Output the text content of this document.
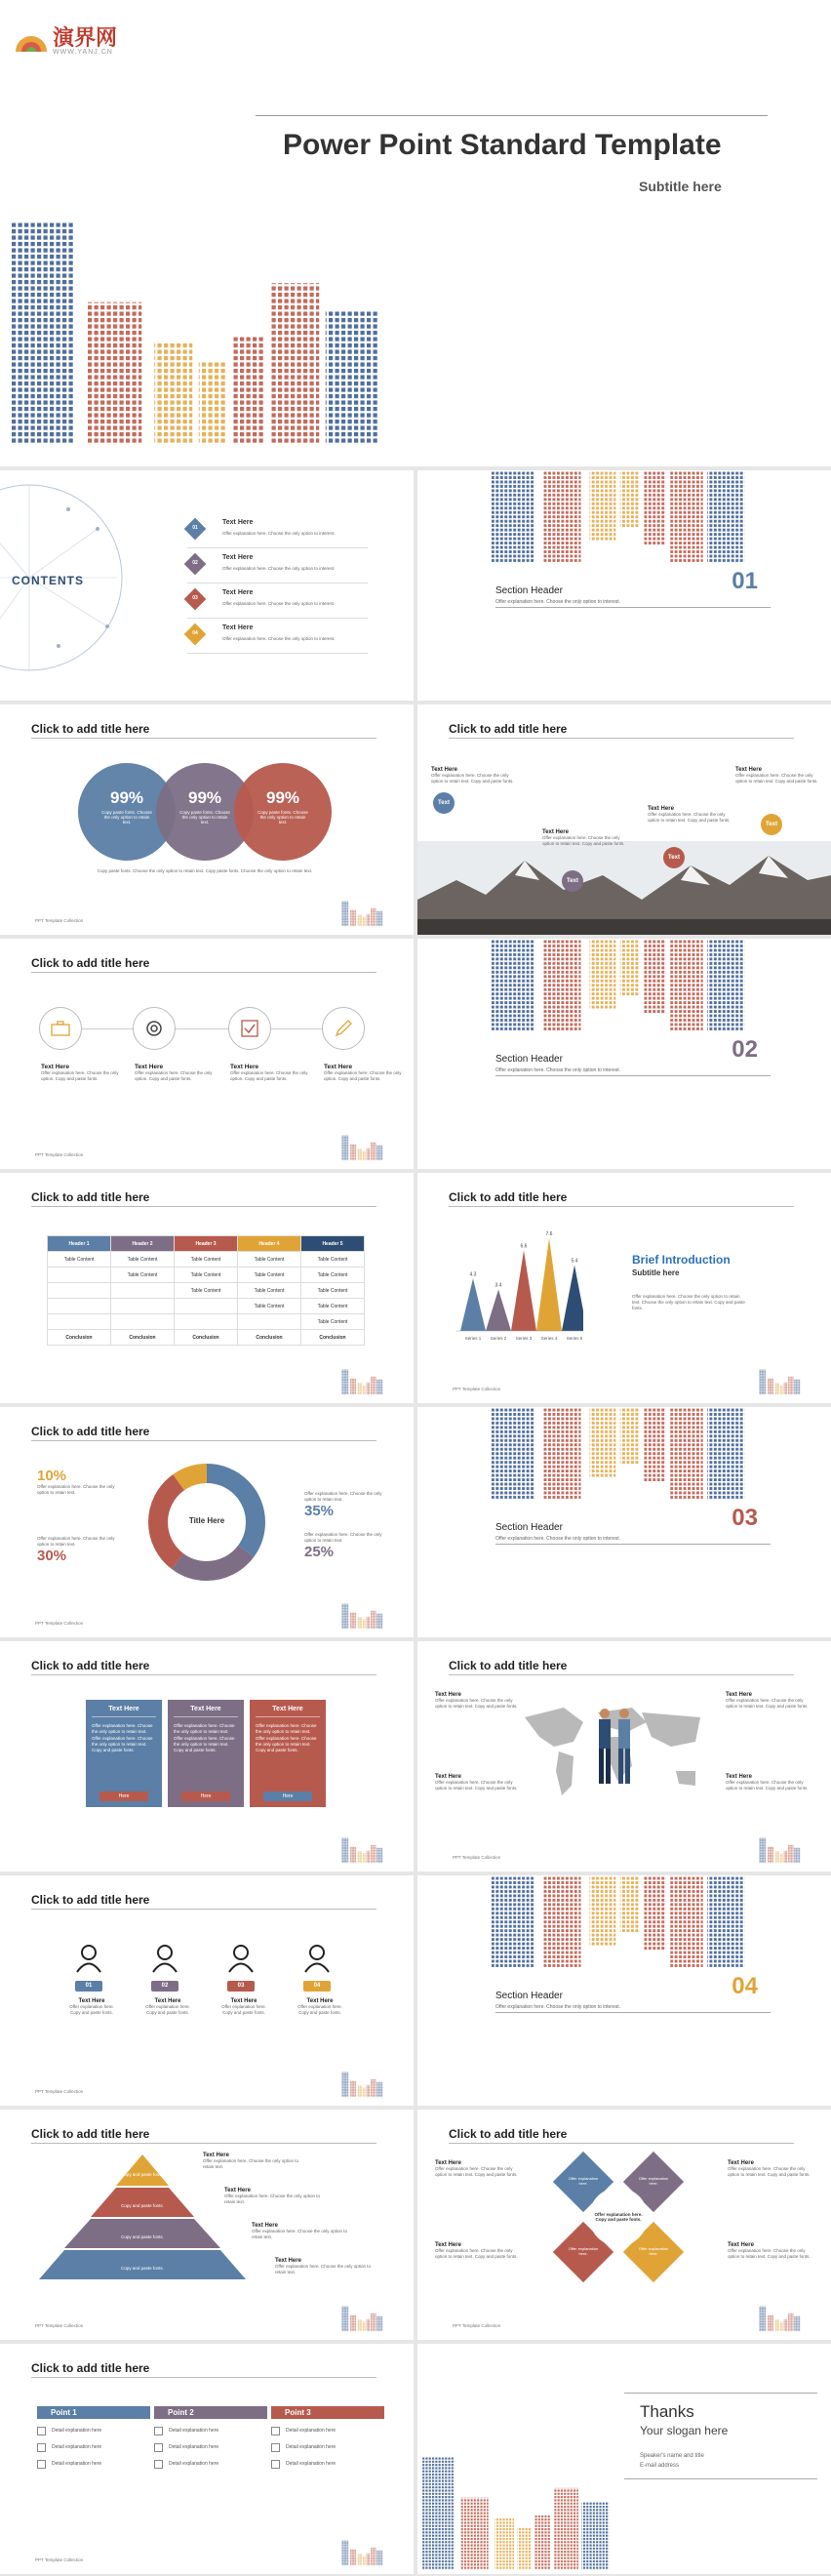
演界网
WWW.YANJ.CN
Power Point Standard Template
Subtitle here
CONTENTS
01
Text Here
Offer explanation here. Choose the only option to interest.
02
Text Here
Offer explanation here. Choose the only option to interest.
03
Text Here
Offer explanation here. Choose the only option to interest.
04
Text Here
Offer explanation here. Choose the only option to interest.
Section Header
Offer explanation here. Choose the only option to interest.
01
Click to add title here
99%
Copy paste fonts. Choose the only option to retain text.
99%
Copy paste fonts. Choose the only option to retain text.
99%
Copy paste fonts. Choose the only option to retain text.
Copy paste fonts. Choose the only option to retain text. Copy paste fonts. Choose the only option to retain text.
PPT Template Collection
Click to add title here
Text
Text
Text
Text
Text Here
Offer explanation here. Choose the only option to retain text. Copy and paste fonts.
Text Here
Offer explanation here. Choose the only option to retain text. Copy and paste fonts.
Text Here
Offer explanation here. Choose the only option to retain text. Copy and paste fonts.
Text Here
Offer explanation here. Choose the only option to retain text. Copy and paste fonts.
Click to add title here
Text Here
Offer explanation here. Choose the only option. Copy and paste fonts.
Text Here
Offer explanation here. Choose the only option. Copy and paste fonts.
Text Here
Offer explanation here. Choose the only option. Copy and paste fonts.
Text Here
Offer explanation here. Choose the only option. Copy and paste fonts.
PPT Template Collection
Section Header
Offer explanation here. Choose the only option to interest.
02
Click to add title here
Header 1	Header 2	Header 3	Header 4	Header 5
Table Content	Table Content	Table Content	Table Content	Table Content
	Table Content	Table Content	Table Content	Table Content
		Table Content	Table Content	Table Content
			Table Content	Table Content
				Table Content
Conclusion	Conclusion	Conclusion	Conclusion	Conclusion
Click to add title here
4.3
Series 1
3.4
Series 2
6.6
Series 3
7.6
Series 4
5.4
Series 5
Brief Introduction
Subtitle here
Offer explanation here. Choose the only option to retain text. Choose the only option to retain text. Copy and paste fonts.
PPT Template Collection
Click to add title here
Title Here
10%
Offer explanation here. Choose the only option to retain text.
Offer explanation here. Choose the only option to retain text.
30%
Offer explanation here. Choose the only option to retain text.
35%
Offer explanation here. Choose the only option to retain text.
25%
PPT Template Collection
Section Header
Offer explanation here. Choose the only option to interest.
03
Click to add title here
Text Here
Offer explanation here. Choose the only option to retain text. Offer explanation here. Choose the only option to retain text. Copy and paste fonts.
Here
Text Here
Offer explanation here. Choose the only option to retain text. Offer explanation here. Choose the only option to retain text. Copy and paste fonts.
Here
Text Here
Offer explanation here. Choose the only option to retain text. Offer explanation here. Choose the only option to retain text. Copy and paste fonts.
Here
Click to add title here
Text Here
Offer explanation here. Choose the only option to retain text. Copy and paste fonts.
Text Here
Offer explanation here. Choose the only option to retain text. Copy and paste fonts.
Text Here
Offer explanation here. Choose the only option to retain text. Copy and paste fonts.
Text Here
Offer explanation here. Choose the only option to retain text. Copy and paste fonts.
PPT Template Collection
Click to add title here
01	02	03	04
Text Here
Offer explanation here. Copy and paste fonts.
Text Here
Offer explanation here. Copy and paste fonts.
Text Here
Offer explanation here. Copy and paste fonts.
Text Here
Offer explanation here. Copy and paste fonts.
PPT Template Collection
Section Header
Offer explanation here. Choose the only option to interest.
04
Click to add title here
Copy and paste fonts.
Copy and paste fonts.
Copy and paste fonts.
Copy and paste fonts.
Text Here
Offer explanation here. Choose the only option to retain text.
Text Here
Offer explanation here. Choose the only option to retain text.
Text Here
Offer explanation here. Choose the only option to retain text.
Text Here
Offer explanation here. Choose the only option to retain text.
PPT Template Collection
Click to add title here
Offer explanation here. Copy and paste fonts.
Offer explanation here.
Offer explanation here.
Offer explanation here.
Offer explanation here.
Text Here
Offer explanation here. Choose the only option to retain text. Copy and paste fonts.
Text Here
Offer explanation here. Choose the only option to retain text. Copy and paste fonts.
Text Here
Offer explanation here. Choose the only option to retain text. Copy and paste fonts.
Text Here
Offer explanation here. Choose the only option to retain text. Copy and paste fonts.
PPT Template Collection
Click to add title here
Point 1
Detail explanation here
Detail explanation here
Detail explanation here
Point 2
Detail explanation here
Detail explanation here
Detail explanation here
Point 3
Detail explanation here
Detail explanation here
Detail explanation here
PPT Template Collection
Thanks
Your slogan here
Speaker's name and title
E-mail address
